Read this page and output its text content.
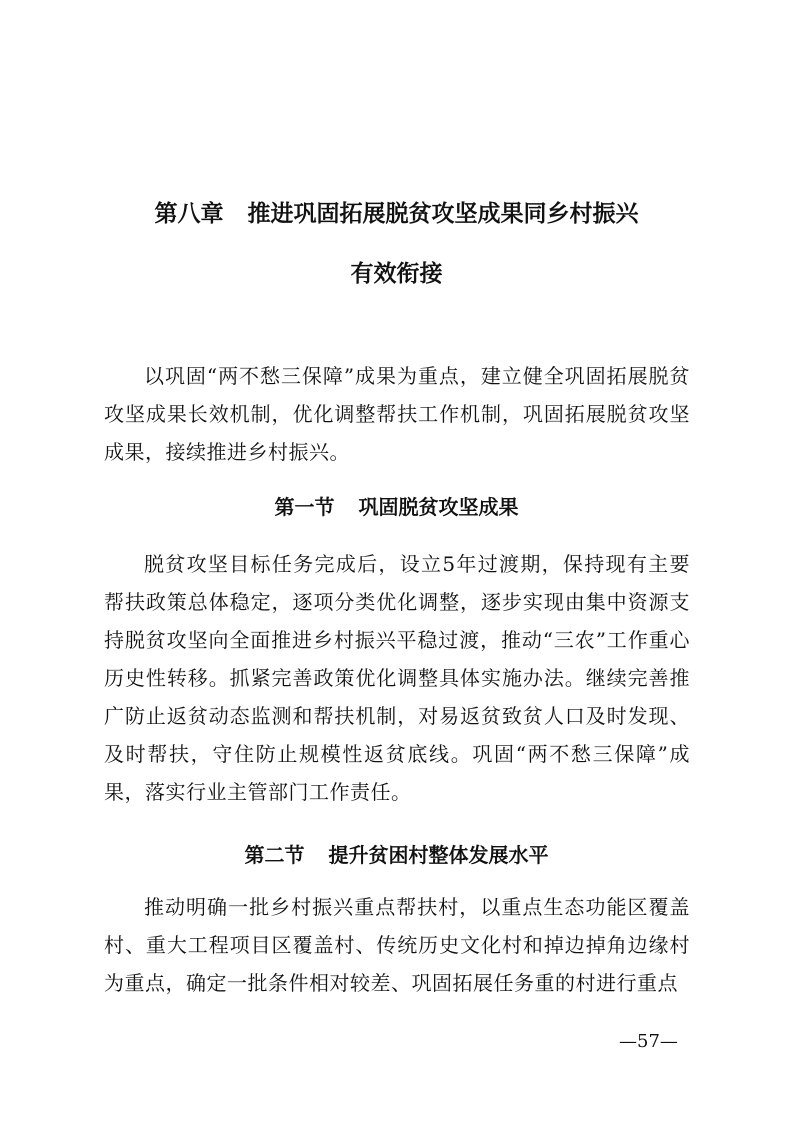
第八章 推进巩固拓展脱贫攻坚成果同乡村振兴
有效衔接

以巩固“两不愁三保障”成果为重点，建立健全巩固拓展脱贫攻坚成果长效机制，优化调整帮扶工作机制，巩固拓展脱贫攻坚成果，接续推进乡村振兴。

第一节 巩固脱贫攻坚成果

脱贫攻坚目标任务完成后，设立5年过渡期，保持现有主要帮扶政策总体稳定，逐项分类优化调整，逐步实现由集中资源支持脱贫攻坚向全面推进乡村振兴平稳过渡，推动“三农”工作重心历史性转移。抓紧完善政策优化调整具体实施办法。继续完善推广防止返贫动态监测和帮扶机制，对易返贫致贫人口及时发现、及时帮扶，守住防止规模性返贫底线。巩固“两不愁三保障”成果，落实行业主管部门工作责任。

第二节 提升贫困村整体发展水平

推动明确一批乡村振兴重点帮扶村，以重点生态功能区覆盖村、重大工程项目区覆盖村、传统历史文化村和掉边掉角边缘村为重点，确定一批条件相对较差、巩固拓展任务重的村进行重点

—57—
